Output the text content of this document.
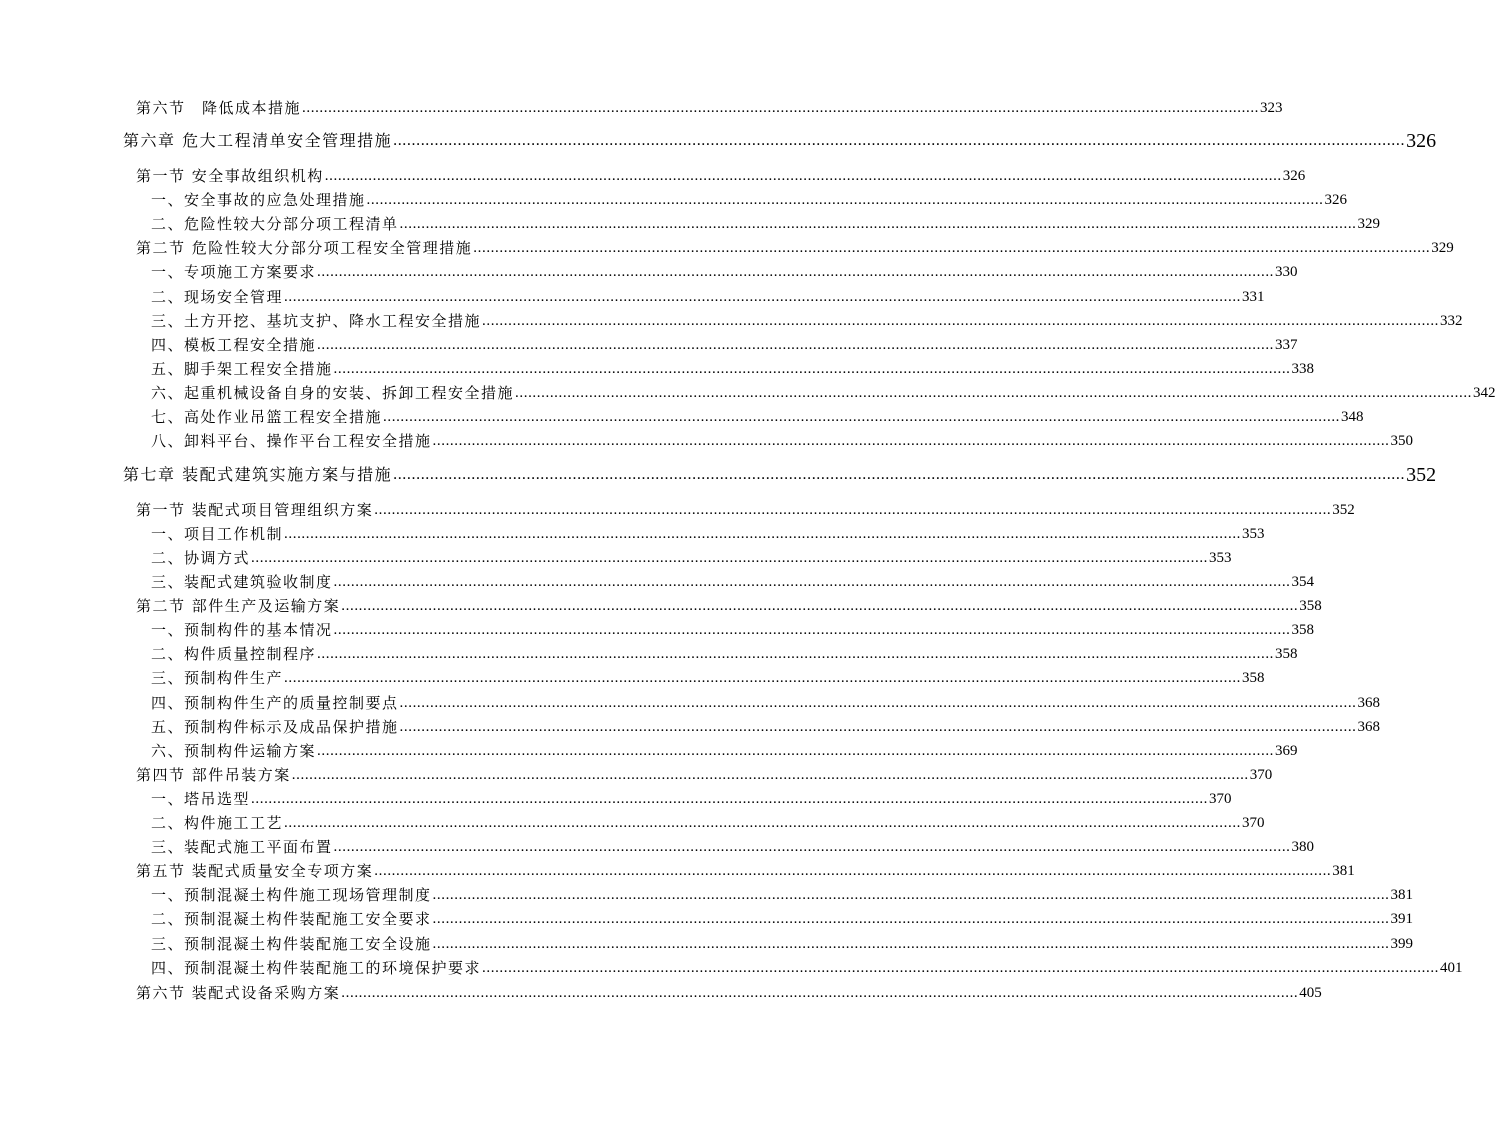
第六节　降低成本措施 ............................................................................................................................................................................................................................ 323
第六章 危大工程清单安全管理措施 ............................................................................................................................................................................................................................ 326
第一节 安全事故组织机构 ............................................................................................................................................................................................................................ 326
一、安全事故的应急处理措施 ............................................................................................................................................................................................................................ 326
二、危险性较大分部分项工程清单 ............................................................................................................................................................................................................................ 329
第二节 危险性较大分部分项工程安全管理措施 ............................................................................................................................................................................................................................ 329
一、专项施工方案要求 ............................................................................................................................................................................................................................ 330
二、现场安全管理 ............................................................................................................................................................................................................................ 331
三、土方开挖、基坑支护、降水工程安全措施 ............................................................................................................................................................................................................................ 332
四、模板工程安全措施 ............................................................................................................................................................................................................................ 337
五、脚手架工程安全措施 ............................................................................................................................................................................................................................ 338
六、起重机械设备自身的安装、拆卸工程安全措施 ............................................................................................................................................................................................................................ 342
七、高处作业吊篮工程安全措施 ............................................................................................................................................................................................................................ 348
八、卸料平台、操作平台工程安全措施 ............................................................................................................................................................................................................................ 350
第七章 装配式建筑实施方案与措施 ............................................................................................................................................................................................................................ 352
第一节 装配式项目管理组织方案 ............................................................................................................................................................................................................................ 352
一、项目工作机制 ............................................................................................................................................................................................................................ 353
二、协调方式 ............................................................................................................................................................................................................................ 353
三、装配式建筑验收制度 ............................................................................................................................................................................................................................ 354
第二节 部件生产及运输方案 ............................................................................................................................................................................................................................ 358
一、预制构件的基本情况 ............................................................................................................................................................................................................................ 358
二、构件质量控制程序 ............................................................................................................................................................................................................................ 358
三、预制构件生产 ............................................................................................................................................................................................................................ 358
四、预制构件生产的质量控制要点 ............................................................................................................................................................................................................................ 368
五、预制构件标示及成品保护措施 ............................................................................................................................................................................................................................ 368
六、预制构件运输方案 ............................................................................................................................................................................................................................ 369
第四节 部件吊装方案 ............................................................................................................................................................................................................................ 370
一、塔吊选型 ............................................................................................................................................................................................................................ 370
二、构件施工工艺 ............................................................................................................................................................................................................................ 370
三、装配式施工平面布置 ............................................................................................................................................................................................................................ 380
第五节 装配式质量安全专项方案 ............................................................................................................................................................................................................................ 381
一、预制混凝土构件施工现场管理制度 ............................................................................................................................................................................................................................ 381
二、预制混凝土构件装配施工安全要求 ............................................................................................................................................................................................................................ 391
三、预制混凝土构件装配施工安全设施 ............................................................................................................................................................................................................................ 399
四、预制混凝土构件装配施工的环境保护要求 ............................................................................................................................................................................................................................ 401
第六节 装配式设备采购方案 ............................................................................................................................................................................................................................ 405
